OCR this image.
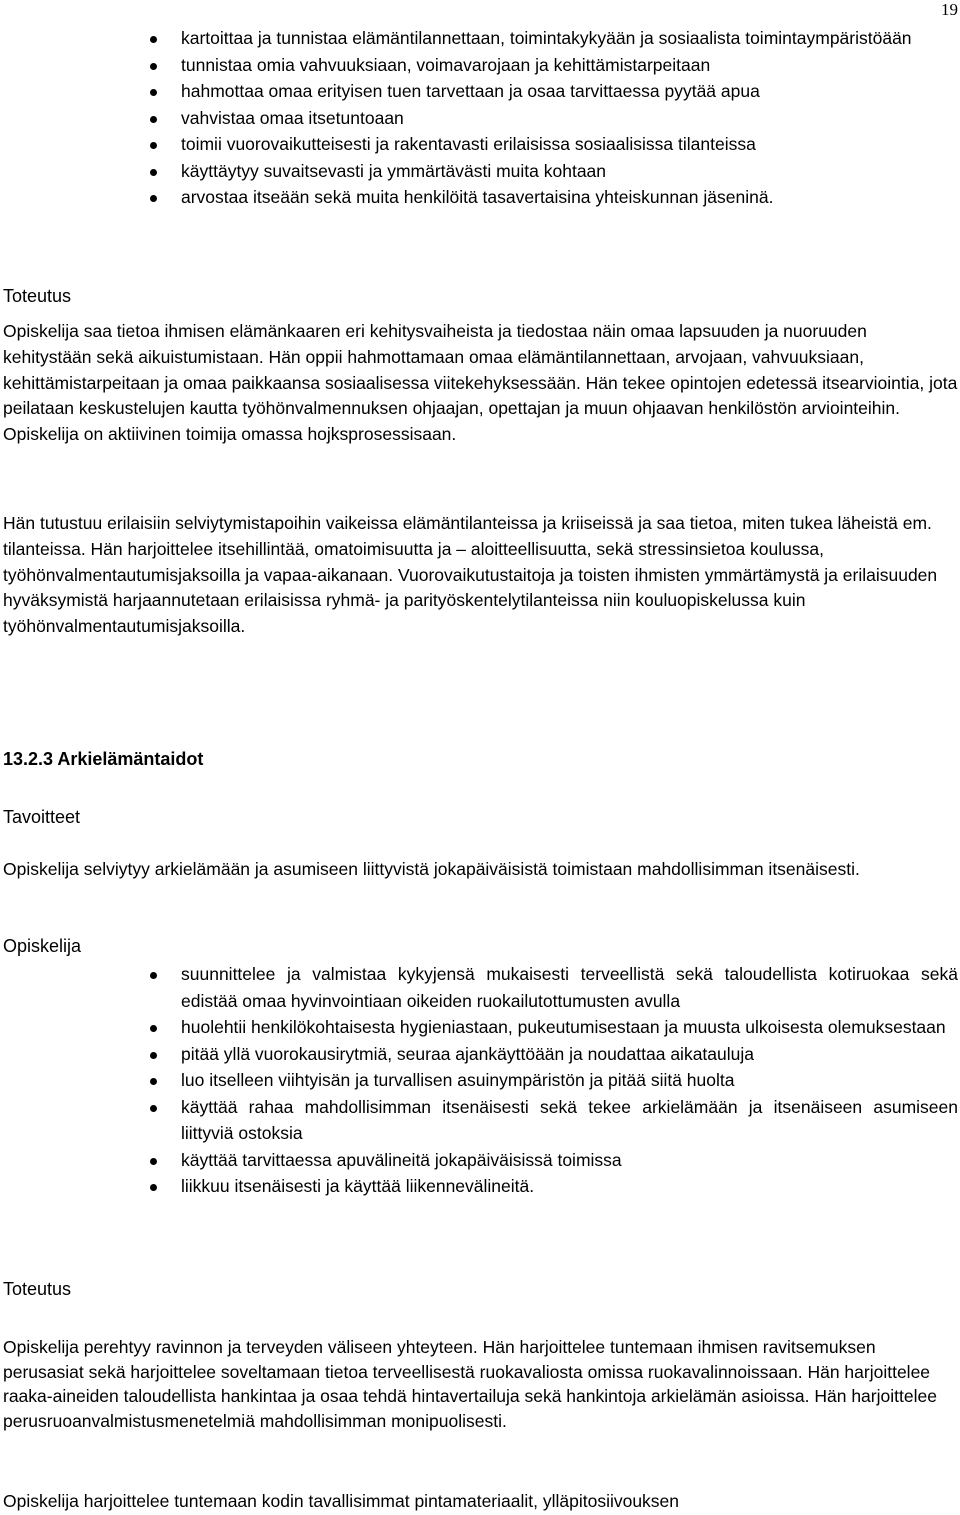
19
kartoittaa ja tunnistaa elämäntilannettaan, toimintakykyään ja sosiaalista toimintaympäristöään
tunnistaa omia vahvuuksiaan, voimavarojaan ja kehittämistarpeitaan
hahmottaa omaa erityisen tuen tarvettaan ja osaa tarvittaessa pyytää apua
vahvistaa omaa itsetuntoaan
toimii vuorovaikutteisesti ja rakentavasti erilaisissa sosiaalisissa tilanteissa
käyttäytyy suvaitsevasti ja ymmärtävästi muita kohtaan
arvostaa itseään sekä muita henkilöitä tasavertaisina yhteiskunnan jäseninä.
Toteutus

Opiskelija saa tietoa ihmisen elämänkaaren eri kehitysvaiheista ja tiedostaa näin omaa lapsuuden ja nuoruuden kehitystään sekä aikuistumistaan. Hän oppii hahmottamaan omaa elämäntilannettaan, arvojaan, vahvuuksiaan, kehittämistarpeitaan ja omaa paikkaansa sosiaalisessa viitekehyksessään. Hän tekee opintojen edetessä itsearviointia, jota peilataan keskustelujen kautta työhönvalmennuksen ohjaajan, opettajan ja muun ohjaavan henkilöstön arviointeihin. Opiskelija on aktiivinen toimija omassa hojksprosessisaan.

Hän tutustuu erilaisiin selviytymistapoihin vaikeissa elämäntilanteissa ja kriiseissä ja saa tietoa, miten tukea läheistä em. tilanteissa. Hän harjoittelee itsehillintää, omatoimisuutta ja – aloitteellisuutta, sekä stressinsietoa koulussa, työhönvalmentautumisjaksoilla ja vapaa-aikanaan. Vuorovaikutustaitoja ja toisten ihmisten ymmärtämystä ja erilaisuuden hyväksymistä harjaannutetaan erilaisissa ryhmä- ja parityöskentelytilanteissa niin kouluopiskelussa kuin työhönvalmentautumisjaksoilla.

13.2.3 Arkielämäntaidot
Tavoitteet

Opiskelija selviytyy arkielämään ja asumiseen liittyvistä jokapäiväisistä toimistaan mahdollisimman itsenäisesti.

Opiskelija
suunnittelee ja valmistaa kykyjensä mukaisesti terveellistä sekä taloudellista kotiruokaa sekä edistää omaa hyvinvointiaan oikeiden ruokailutottumusten avulla
huolehtii henkilökohtaisesta hygieniastaan, pukeutumisestaan ja muusta ulkoisesta olemuksestaan
pitää yllä vuorokausirytmiä, seuraa ajankäyttöään ja noudattaa aikatauluja
luo itselleen viihtyisän ja turvallisen asuinympäristön ja pitää siitä huolta
käyttää rahaa mahdollisimman itsenäisesti sekä tekee arkielämään ja itsenäiseen asumiseen liittyviä ostoksia
käyttää tarvittaessa apuvälineitä jokapäiväisissä toimissa
liikkuu itsenäisesti ja käyttää liikennevälineitä.
Toteutus

Opiskelija perehtyy ravinnon ja terveyden väliseen yhteyteen. Hän harjoittelee tuntemaan ihmisen ravitsemuksen perusasiat sekä harjoittelee soveltamaan tietoa terveellisestä ruokavaliosta omissa ruokavalinnoissaan. Hän harjoittelee raaka-aineiden taloudellista hankintaa ja osaa tehdä hintavertailuja sekä hankintoja arkielämän asioissa. Hän harjoittelee perusruoanvalmistusmenetelmiä mahdollisimman monipuolisesti.

Opiskelija harjoittelee tuntemaan kodin tavallisimmat pintamateriaalit, ylläpitosiivouksen
